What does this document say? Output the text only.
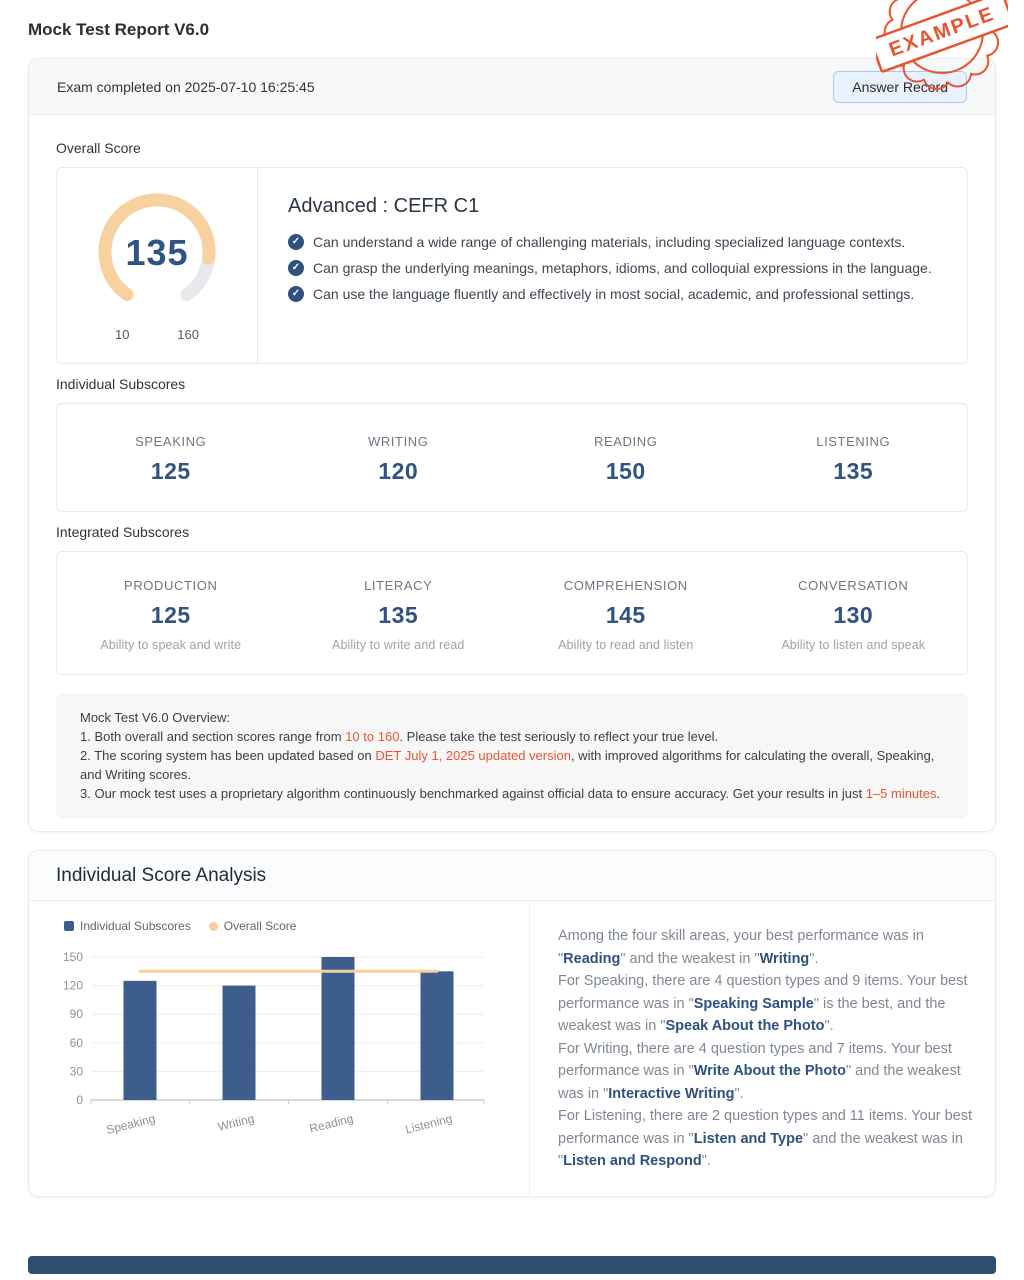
Mock Test Report V6.0	EXAMPLE
Exam completed on 2025-07-10 16:25:45	Answer Record
Overall Score
135
10	160
Advanced : CEFR C1
✓ Can understand a wide range of challenging materials, including specialized language contexts.
✓ Can grasp the underlying meanings, metaphors, idioms, and colloquial expressions in the language.
✓ Can use the language fluently and effectively in most social, academic, and professional settings.
Individual Subscores
SPEAKING
125
WRITING
120
READING
150
LISTENING
135
Integrated Subscores
PRODUCTION
125
Ability to speak and write
LITERACY
135
Ability to write and read
COMPREHENSION
145
Ability to read and listen
CONVERSATION
130
Ability to listen and speak
Mock Test V6.0 Overview:
1. Both overall and section scores range from 10 to 160. Please take the test seriously to reflect your true level.
2. The scoring system has been updated based on DET July 1, 2025 updated version, with improved algorithms for calculating the overall, Speaking, and Writing scores.
3. Our mock test uses a proprietary algorithm continuously benchmarked against official data to ensure accuracy. Get your results in just 1–5 minutes.
Individual Score Analysis
Individual Subscores	Overall Score
0
30
60
90
120
150
Speaking	Writing	Reading	Listening
Among the four skill areas, your best performance was in "Reading" and the weakest in "Writing".
For Speaking, there are 4 question types and 9 items. Your best performance was in "Speaking Sample" is the best, and the weakest was in "Speak About the Photo".
For Writing, there are 4 question types and 7 items. Your best performance was in "Write About the Photo" and the weakest was in "Interactive Writing".
For Listening, there are 2 question types and 11 items. Your best performance was in "Listen and Type" and the weakest was in "Listen and Respond".
